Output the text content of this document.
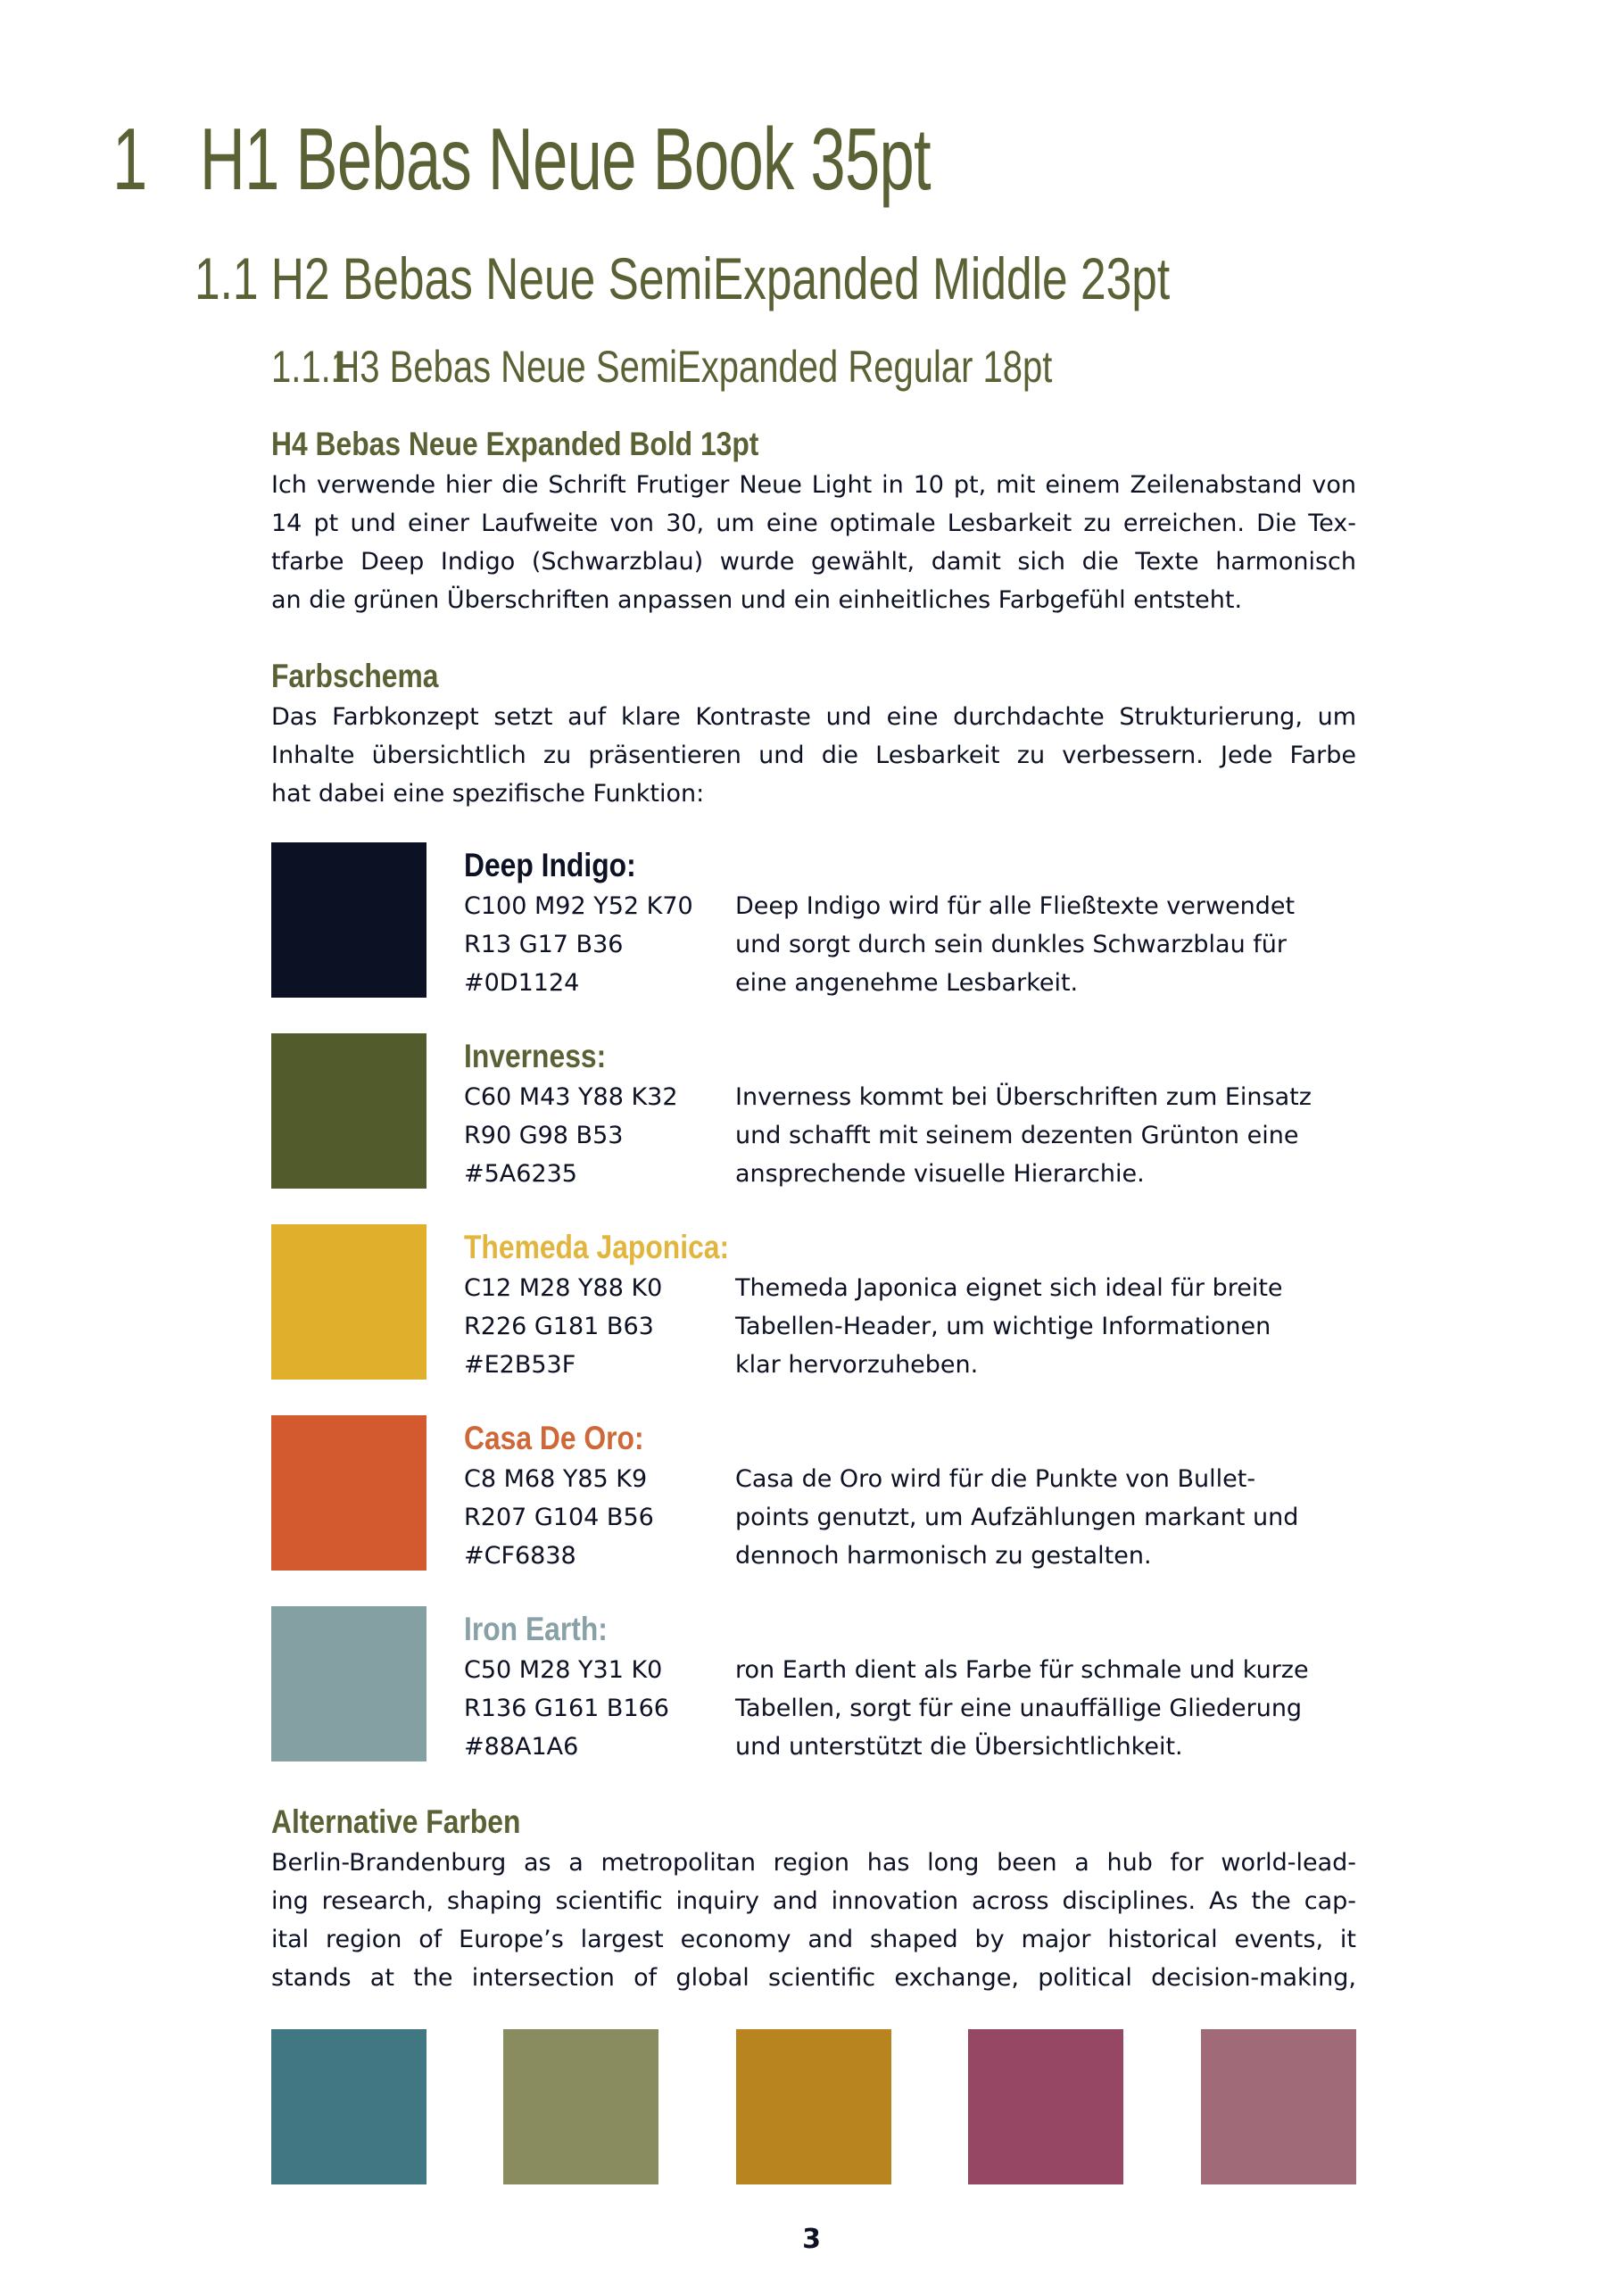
1 H1 Bebas Neue Book 35pt
1.1 H2 Bebas Neue SemiExpanded Middle 23pt
1.1.1H3 Bebas Neue SemiExpanded Regular 18pt
H4 Bebas Neue Expanded Bold 13pt

Ich verwende hier die Schrift Frutiger Neue Light in 10 pt, mit einem Zeilenabstand von
14 pt und einer Laufweite von 30, um eine optimale Lesbarkeit zu erreichen. Die Tex-
tfarbe Deep Indigo (Schwarzblau) wurde gewählt, damit sich die Texte harmonisch
an die grünen Überschriften anpassen und ein einheitliches Farbgefühl entsteht.

Farbschema

Das Farbkonzept setzt auf klare Kontraste und eine durchdachte Strukturierung, um
Inhalte übersichtlich zu präsentieren und die Lesbarkeit zu verbessern. Jede Farbe
hat dabei eine spezifische Funktion:

Deep Indigo:
C100 M92 Y52 K70
R13 G17 B36
#0D1124
Deep Indigo wird für alle Fließtexte verwendet
und sorgt durch sein dunkles Schwarzblau für
eine angenehme Lesbarkeit.
Inverness:
C60 M43 Y88 K32
R90 G98 B53
#5A6235
Inverness kommt bei Überschriften zum Einsatz
und schafft mit seinem dezenten Grünton eine
ansprechende visuelle Hierarchie.
Themeda Japonica:
C12 M28 Y88 K0
R226 G181 B63
#E2B53F
Themeda Japonica eignet sich ideal für breite
Tabellen-Header, um wichtige Informationen
klar hervorzuheben.
Casa De Oro:
C8 M68 Y85 K9
R207 G104 B56
#CF6838
Casa de Oro wird für die Punkte von Bullet-
points genutzt, um Aufzählungen markant und
dennoch harmonisch zu gestalten.
Iron Earth:
C50 M28 Y31 K0
R136 G161 B166
#88A1A6
ron Earth dient als Farbe für schmale und kurze
Tabellen, sorgt für eine unauffällige Gliederung
und unterstützt die Übersichtlichkeit.
Alternative Farben

Berlin-Brandenburg as a metropolitan region has long been a hub for world-lead-
ing research, shaping scientific inquiry and innovation across disciplines. As the cap-
ital region of Europe’s largest economy and shaped by major historical events, it
stands at the intersection of global scientific exchange, political decision-making,

3
